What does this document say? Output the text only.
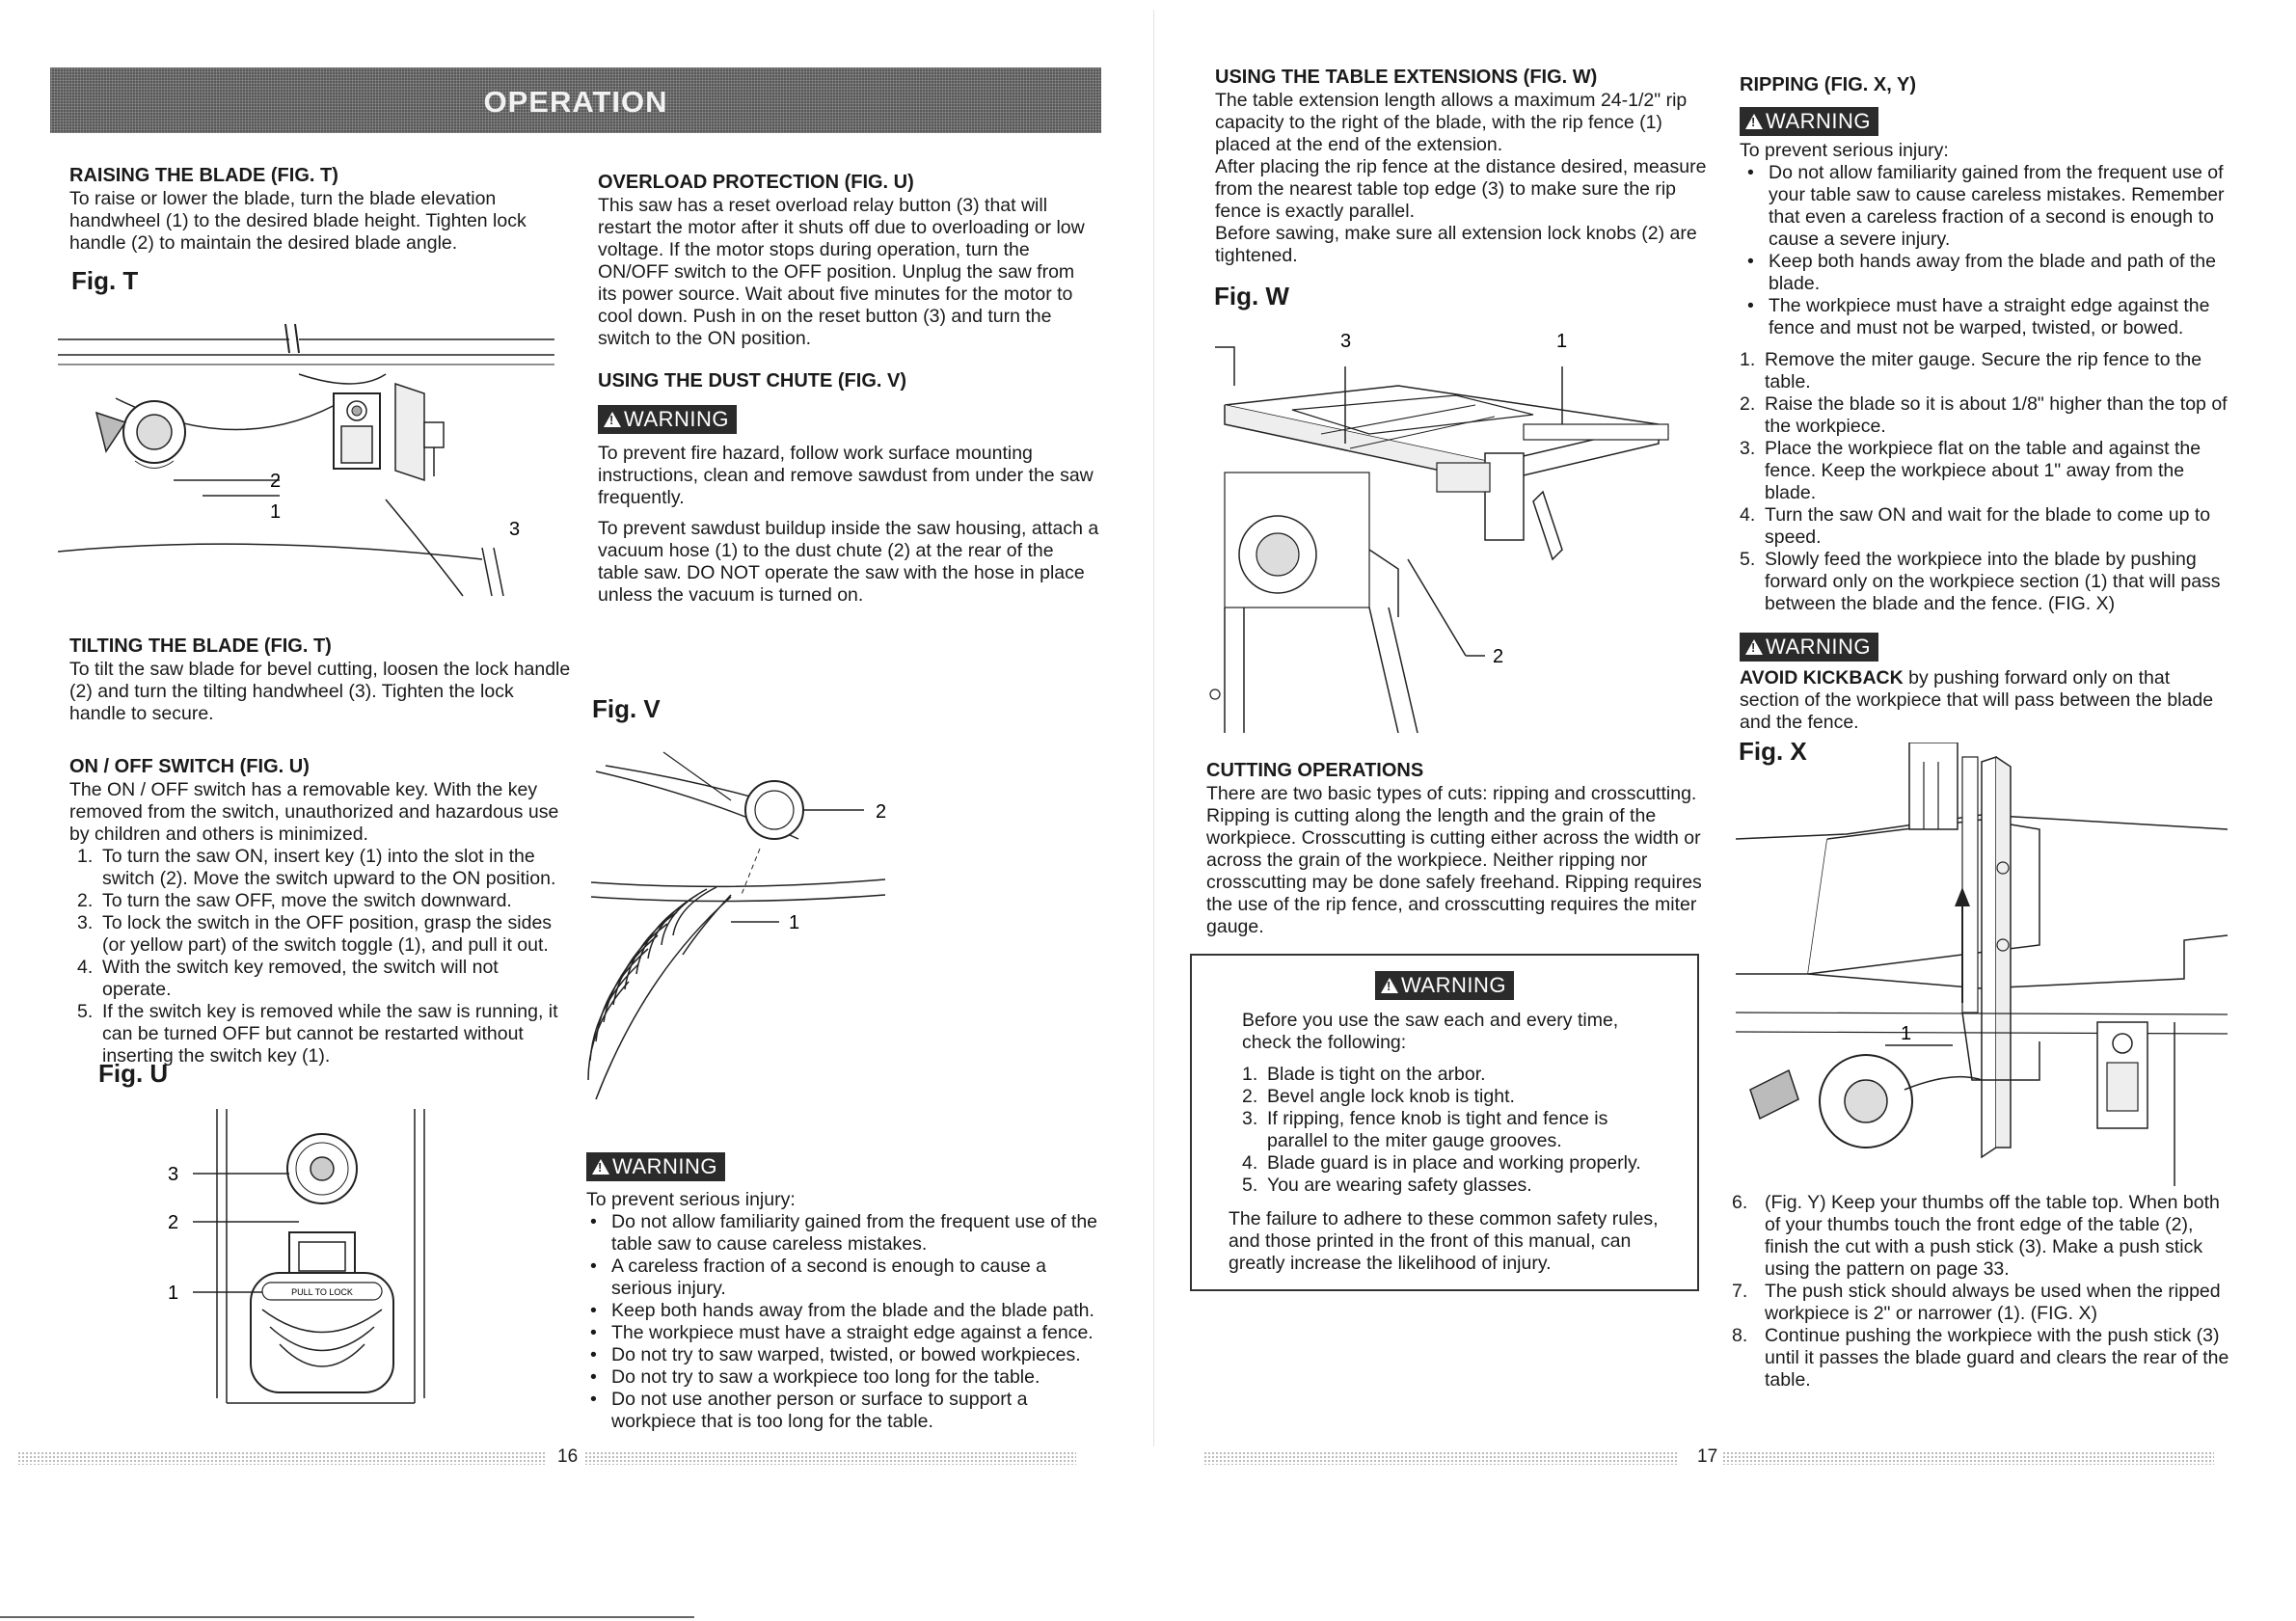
OPERATION
RAISING THE BLADE (FIG. T)

To raise or lower the blade, turn the blade elevation handwheel (1) to the desired blade height. Tighten lock handle (2) to maintain the desired blade angle.

Fig. T
2
1
3
TILTING THE BLADE (FIG. T)

To tilt the saw blade for bevel cutting, loosen the lock handle (2) and turn the tilting handwheel (3). Tighten the lock handle to secure.

ON / OFF SWITCH (FIG. U)

The ON / OFF switch has a removable key. With the key removed from the switch, unauthorized and hazardous use by children and others is minimized.

1. To turn the saw ON, insert key (1) into the slot in the switch (2). Move the switch upward to the ON position.
2. To turn the saw OFF, move the switch downward.
3. To lock the switch in the OFF position, grasp the sides (or yellow part) of the switch toggle (1), and pull it out.
4. With the switch key removed, the switch will not operate.
5. If the switch key is removed while the saw is running, it can be turned OFF but cannot be restarted without inserting the switch key (1).
Fig. U
PULL TO LOCK
3
2
1
OVERLOAD PROTECTION (FIG. U)

This saw has a reset overload relay button (3) that will restart the motor after it shuts off due to overloading or low voltage. If the motor stops during operation, turn the ON/OFF switch to the OFF position. Unplug the saw from its power source. Wait about five minutes for the motor to cool down. Push in on the reset button (3) and turn the switch to the ON position.

USING THE DUST CHUTE (FIG. V)
!WARNING

To prevent fire hazard, follow work surface mounting instructions, clean and remove sawdust from under the saw frequently.

To prevent sawdust buildup inside the saw housing, attach a vacuum hose (1) to the dust chute (2) at the rear of the table saw. DO NOT operate the saw with the hose in place unless the vacuum is turned on.

Fig. V
2
1
!WARNING

To prevent serious injury:

• Do not allow familiarity gained from the frequent use of the table saw to cause careless mistakes.
• A careless fraction of a second is enough to cause a serious injury.
• Keep both hands away from the blade and the blade path.
• The workpiece must have a straight edge against a fence.
• Do not try to saw warped, twisted, or bowed workpieces.
• Do not try to saw a workpiece too long for the table.
• Do not use another person or surface to support a workpiece that is too long for the table.
16
USING THE TABLE EXTENSIONS (FIG. W)

The table extension length allows a maximum 24-1/2" rip capacity to the right of the blade, with the rip fence (1) placed at the end of the extension.

After placing the rip fence at the distance desired, measure from the nearest table top edge (3) to make sure the rip fence is exactly parallel.

Before sawing, make sure all extension lock knobs (2) are tightened.

Fig. W
3	1
2
CUTTING OPERATIONS

There are two basic types of cuts: ripping and crosscutting. Ripping is cutting along the length and the grain of the workpiece. Crosscutting is cutting either across the width or across the grain of the workpiece. Neither ripping nor crosscutting may be done safely freehand. Ripping requires the use of the rip fence, and crosscutting requires the miter gauge.

!WARNING

Before you use the saw each and every time, check the following:

1. Blade is tight on the arbor.
2. Bevel angle lock knob is tight.
3. If ripping, fence knob is tight and fence is parallel to the miter gauge grooves.
4. Blade guard is in place and working properly.
5. You are wearing safety glasses.

The failure to adhere to these common safety rules, and those printed in the front of this manual, can greatly increase the likelihood of injury.

RIPPING (FIG. X, Y)
!WARNING

To prevent serious injury:

• Do not allow familiarity gained from the frequent use of your table saw to cause careless mistakes. Remember that even a careless fraction of a second is enough to cause a severe injury.
• Keep both hands away from the blade and path of the blade.
• The workpiece must have a straight edge against the fence and must not be warped, twisted, or bowed.
1. Remove the miter gauge. Secure the rip fence to the table.
2. Raise the blade so it is about 1/8" higher than the top of the workpiece.
3. Place the workpiece flat on the table and against the fence. Keep the workpiece about 1" away from the blade.
4. Turn the saw ON and wait for the blade to come up to speed.
5. Slowly feed the workpiece into the blade by pushing forward only on the workpiece section (1) that will pass between the blade and the fence. (FIG. X)
!WARNING

AVOID KICKBACK by pushing forward only on that section of the workpiece that will pass between the blade and the fence.

Fig. X
1
6. (Fig. Y) Keep your thumbs off the table top. When both of your thumbs touch the front edge of the table (2), finish the cut with a push stick (3). Make a push stick using the pattern on page 33.
7. The push stick should always be used when the ripped workpiece is 2" or narrower (1). (FIG. X)
8. Continue pushing the workpiece with the push stick (3) until it passes the blade guard and clears the rear of the table.
17
